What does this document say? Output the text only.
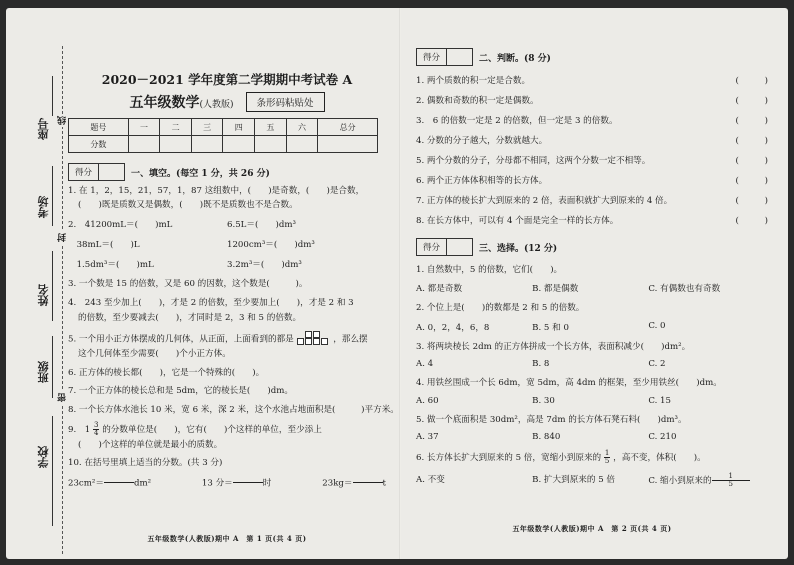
学校
班级
姓名
考场
座号
密
封
线
2020－2021 学年度第二学期期中考试卷 A
五年级数学(人教版)	条形码粘贴处
题号	一	二	三	四	五	六	总分
分数							
得分	一、填空。(每空 1 分，共 26 分)
1. 在 1，2，15，21，57，1，87 这组数中，(　　)是奇数，(　　)是合数，
(　　)既是质数又是偶数，(　　)既不是质数也不是合数。
2.　41200mL＝(　　)mL	6.5L＝(　　)dm³
　38mL＝(　　)L	1200cm³＝(　　)dm³
　1.5dm³＝(　　)mL	3.2m³＝(　　)dm³
3. 一个数是 15 的倍数，又是 60 的因数，这个数是(　　　)。
4.　243 至少加上(　　)，才是 2 的倍数，至少要加上(　　)，才是 2 和 3
的倍数，至少要减去(　　)，才同时是 2，3 和 5 的倍数。
5. 一个用小正方体摆成的几何体，从正面，上面看到的都是	，那么摆
这个几何体至少需要(　　)个小正方体。
6. 正方体的棱长都(　　)，它是一个特殊的(　　)。
7. 一个正方体的棱长总和是 5dm，它的棱长是(　　)dm。
8. 一个长方体水池长 10 米，宽 6 米，深 2 米，这个水池占地面积是(　　　)平方米。
9.　$1 \frac{3}{4}$ 的分数单位是(　　)，它有(　　)个这样的单位，至少添上
(　　)个这样的单位就是最小的质数。
10. 在括号里填上适当的分数。(共 3 分)
23cm²＝	dm²	13 分＝	时	23kg＝	t
五年级数学(人教版)期中 A　第 1 页(共 4 页)
得分	二、判断。(8 分)
1. 两个质数的积一定是合数。	(　　　)
2. 偶数和奇数的积一定是偶数。	(　　　)
3.　6 的倍数一定是 2 的倍数，但一定是 3 的倍数。	(　　　)
4. 分数的分子越大，分数就越大。	(　　　)
5. 两个分数的分子，分母都不相同，这两个分数一定不相等。	(　　　)
6. 两个正方体体积相等的长方体。	(　　　)
7. 正方体的棱长扩大到原来的 2 倍，表面积就扩大到原来的 4 倍。	(　　　)
8. 在长方体中，可以有 4 个面是完全一样的长方体。	(　　　)
得分	三、选择。(12 分)
1. 自然数中，5 的倍数，它们(　　)。
A. 都是奇数	B. 都是偶数	C. 有偶数也有奇数
2. 个位上是(　　)的数都是 2 和 5 的倍数。
A. 0，2，4，6，8	B. 5 和 0	C. 0
3. 将两块棱长 2dm 的正方体拼成一个长方体，表面积减少(　　)dm²。
A. 4	B. 8	C. 2
4. 用铁丝围成一个长 6dm，宽 5dm，高 4dm 的框架，至少用铁丝(　　)dm。
A. 60	B. 30	C. 15
5. 做一个底面积是 30dm²，高是 7dm 的长方体石凳石料(　　)dm³。
A. 37	B. 840	C. 210
6. 长方体长扩大到原来的 5 倍，宽缩小到原来的 $\frac{1}{5}$ ，高不变，体积(　　)。
A. 不变	B. 扩大到原来的 5 倍	C. 缩小到原来的 $\frac{1}{5}$
五年级数学(人教版)期中 A　第 2 页(共 4 页)
